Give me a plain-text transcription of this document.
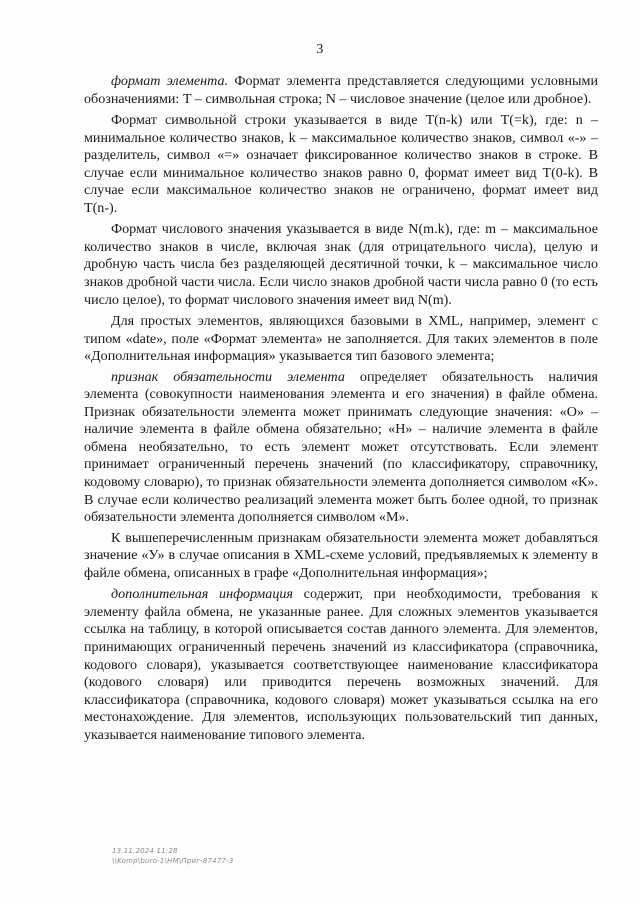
3

формат элемента. Формат элемента представляется следующими условными обозначениями: T – символьная строка; N – числовое значение (целое или дробное).

Формат символьной строки указывается в виде T(n-k) или T(=k), где: n – минимальное количество знаков, k – максимальное количество знаков, символ «-» – разделитель, символ «=» означает фиксированное количество знаков в строке. В случае если минимальное количество знаков равно 0, формат имеет вид T(0-k). В случае если максимальное количество знаков не ограничено, формат имеет вид T(n-).

Формат числового значения указывается в виде N(m.k), где: m – максимальное количество знаков в числе, включая знак (для отрицательного числа), целую и дробную часть числа без разделяющей десятичной точки, k – максимальное число знаков дробной части числа. Если число знаков дробной части числа равно 0 (то есть число целое), то формат числового значения имеет вид N(m).

Для простых элементов, являющихся базовыми в XML, например, элемент с типом «date», поле «Формат элемента» не заполняется. Для таких элементов в поле «Дополнительная информация» указывается тип базового элемента;

признак обязательности элемента определяет обязательность наличия элемента (совокупности наименования элемента и его значения) в файле обмена. Признак обязательности элемента может принимать следующие значения: «О» – наличие элемента в файле обмена обязательно; «Н» – наличие элемента в файле обмена необязательно, то есть элемент может отсутствовать. Если элемент принимает ограниченный перечень значений (по классификатору, справочнику, кодовому словарю), то признак обязательности элемента дополняется символом «К». В случае если количество реализаций элемента может быть более одной, то признак обязательности элемента дополняется символом «М».

К вышеперечисленным признакам обязательности элемента может добавляться значение «У» в случае описания в XML-схеме условий, предъявляемых к элементу в файле обмена, описанных в графе «Дополнительная информация»;

дополнительная информация содержит, при необходимости, требования к элементу файла обмена, не указанные ранее. Для сложных элементов указывается ссылка на таблицу, в которой описывается состав данного элемента. Для элементов, принимающих ограниченный перечень значений из классификатора (справочника, кодового словаря), указывается соответствующее наименование классификатора (кодового словаря) или приводится перечень возможных значений. Для классификатора (справочника, кодового словаря) может указываться ссылка на его местонахождение. Для элементов, использующих пользовательский тип данных, указывается наименование типового элемента.

13.11.2024 11:28
\\Komp\buro-1\НМ\Приг-87477-3
